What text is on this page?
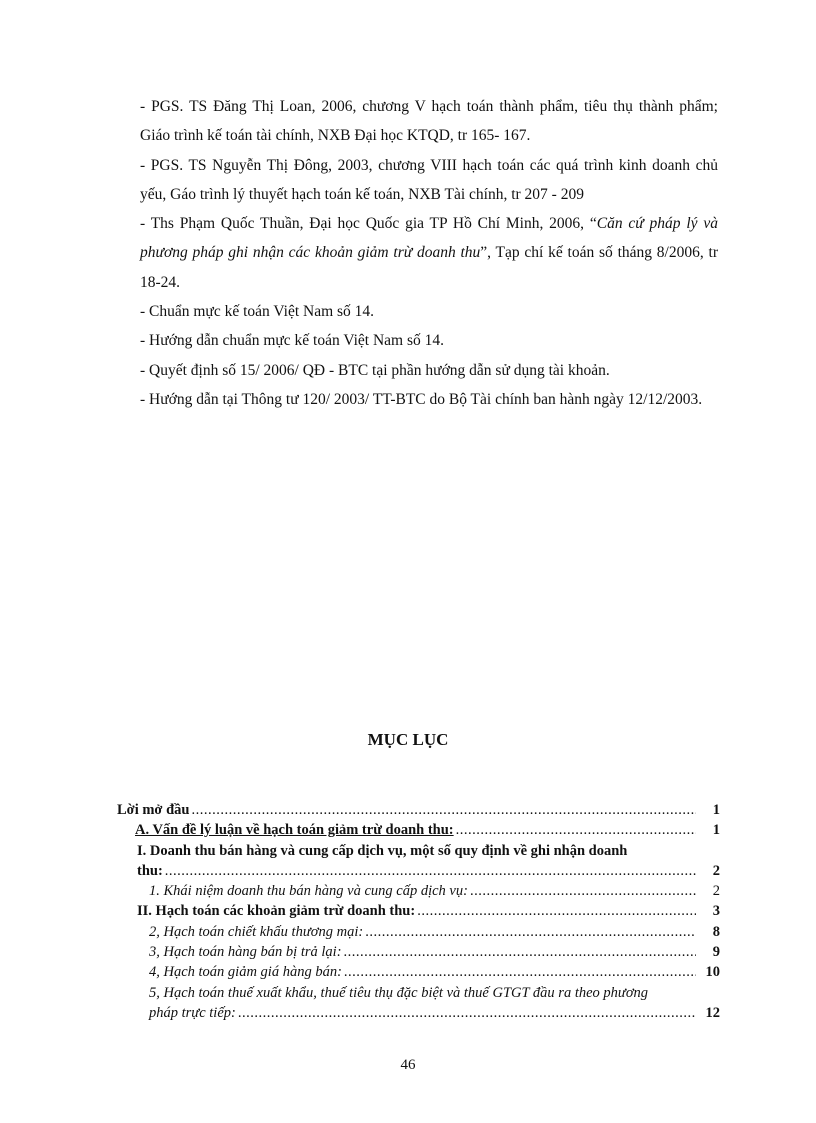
- PGS. TS Đăng Thị Loan, 2006, chương V hạch toán thành phẩm, tiêu thụ thành phẩm; Giáo trình kế toán tài chính, NXB Đại học KTQD, tr 165- 167.

- PGS. TS Nguyễn Thị Đông, 2003, chương VIII hạch toán các quá trình kinh doanh chủ yếu, Gáo trình lý thuyết hạch toán kế toán, NXB Tài chính, tr 207 - 209

- Ths Phạm Quốc Thuần, Đại học Quốc gia TP Hồ Chí Minh, 2006, “Căn cứ pháp lý và phương pháp ghi nhận các khoản giảm trừ doanh thu”, Tạp chí kế toán số tháng 8/2006, tr 18-24.

- Chuẩn mực kế toán Việt Nam số 14.

- Hướng dẫn chuẩn mực kế toán Việt Nam số 14.

- Quyết định số 15/ 2006/ QĐ - BTC tại phần hướng dẫn sử dụng tài khoản.

- Hướng dẫn tại Thông tư 120/ 2003/ TT-BTC do Bộ Tài chính ban hành ngày 12/12/2003.

MỤC LỤC
Lời mở đầu .....	1
A. Vấn đề lý luận về hạch toán giảm trừ doanh thu: .....	1
I. Doanh thu bán hàng và cung cấp dịch vụ, một số quy định về ghi nhận doanh
thu: .....	2
1. Khái niệm doanh thu bán hàng và cung cấp dịch vụ: .....	2
II. Hạch toán các khoản giảm trừ doanh thu: .....	3
2, Hạch toán chiết khấu thương mại: .....	8
3, Hạch toán hàng bán bị trả lại: .....	9
4, Hạch toán giảm giá hàng bán: .....	10
5, Hạch toán thuế xuất khẩu, thuế tiêu thụ đặc biệt và thuế GTGT đầu ra theo phương
pháp trực tiếp: .....	12
46
